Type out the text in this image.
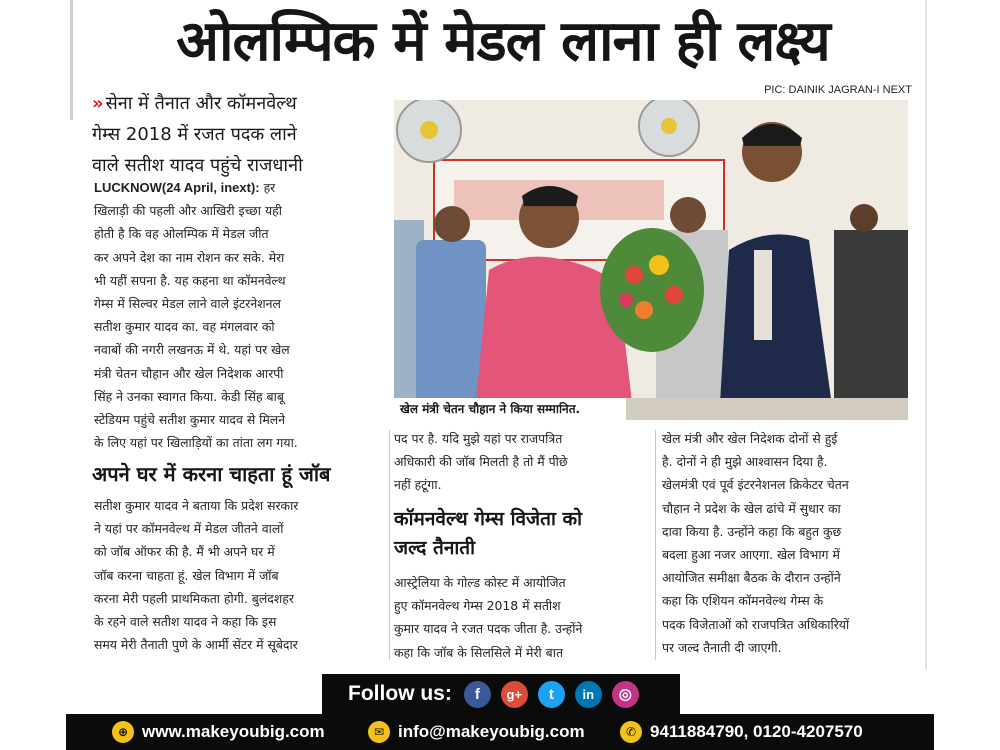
ओलम्पिक में मेडल लाना ही लक्ष्य
PIC: DAINIK JAGRAN-I NEXT
» सेना में तैनात और कॉमनवेल्थ
गेम्स 2018 में रजत पदक लाने
वाले सतीश यादव पहुंचे राजधानी
LUCKNOW(24 April, inext): हर
खिलाड़ी की पहली और आखिरी इच्छा यही
होती है कि वह ओलम्पिक में मेडल जीत
कर अपने देश का नाम रोशन कर सके. मेरा
भी यहीं सपना है. यह कहना था कॉमनवेल्थ
गेम्स में सिल्वर मेडल लाने वाले इंटरनेशनल
सतीश कुमार यादव का. वह मंगलवार को
नवाबों की नगरी लखनऊ में थे. यहां पर खेल
मंत्री चेतन चौहान और खेल निदेशक आरपी
सिंह ने उनका स्वागत किया. केडी सिंह बाबू
स्टेडियम पहुंचे सतीश कुमार यादव से मिलने
के लिए यहां पर खिलाड़ियों का तांता लग गया.
अपने घर में करना चाहता हूं जॉब
सतीश कुमार यादव ने बताया कि प्रदेश सरकार
ने यहां पर कॉमनवेल्थ में मेडल जीतने वालों
को जॉब ऑफर की है. मैं भी अपने घर में
जॉब करना चाहता हूं. खेल विभाग में जॉब
करना मेरी पहली प्राथमिकता होगी. बुलंदशहर
के रहने वाले सतीश यादव ने कहा कि इस
समय मेरी तैनाती पुणे के आर्मी सेंटर में सूबेदार
खेल मंत्री चेतन चौहान ने किया सम्मानित.
पद पर है. यदि मुझे यहां पर राजपत्रित
अधिकारी की जॉब मिलती है तो मैं पीछे
नहीं हटूंगा.
कॉमनवेल्थ गेम्स विजेता को
जल्द तैनाती
आस्ट्रेलिया के गोल्ड कोस्ट में आयोजित
हुए कॉमनवेल्थ गेम्स 2018 में सतीश
कुमार यादव ने रजत पदक जीता है. उन्होंने
कहा कि जॉब के सिलसिले में मेरी बात
खेल मंत्री और खेल निदेशक दोनों से हुई
है. दोनों ने ही मुझे आश्वासन दिया है.
खेलमंत्री एवं पूर्व इंटरनेशनल क्रिकेटर चेतन
चौहान ने प्रदेश के खेल ढांचे में सुधार का
दावा किया है. उन्होंने कहा कि बहुत कुछ
बदला हुआ नजर आएगा. खेल विभाग में
आयोजित समीक्षा बैठक के दौरान उन्होंने
कहा कि एशियन कॉमनवेल्थ गेम्स के
पदक विजेताओं को राजपत्रित अधिकारियों
पर जल्द तैनाती दी जाएगी.
Follow us:	f	g+	t	in	◎
⊕ www.makeyoubig.com	✉ info@makeyoubig.com	✆ 9411884790, 0120-4207570
